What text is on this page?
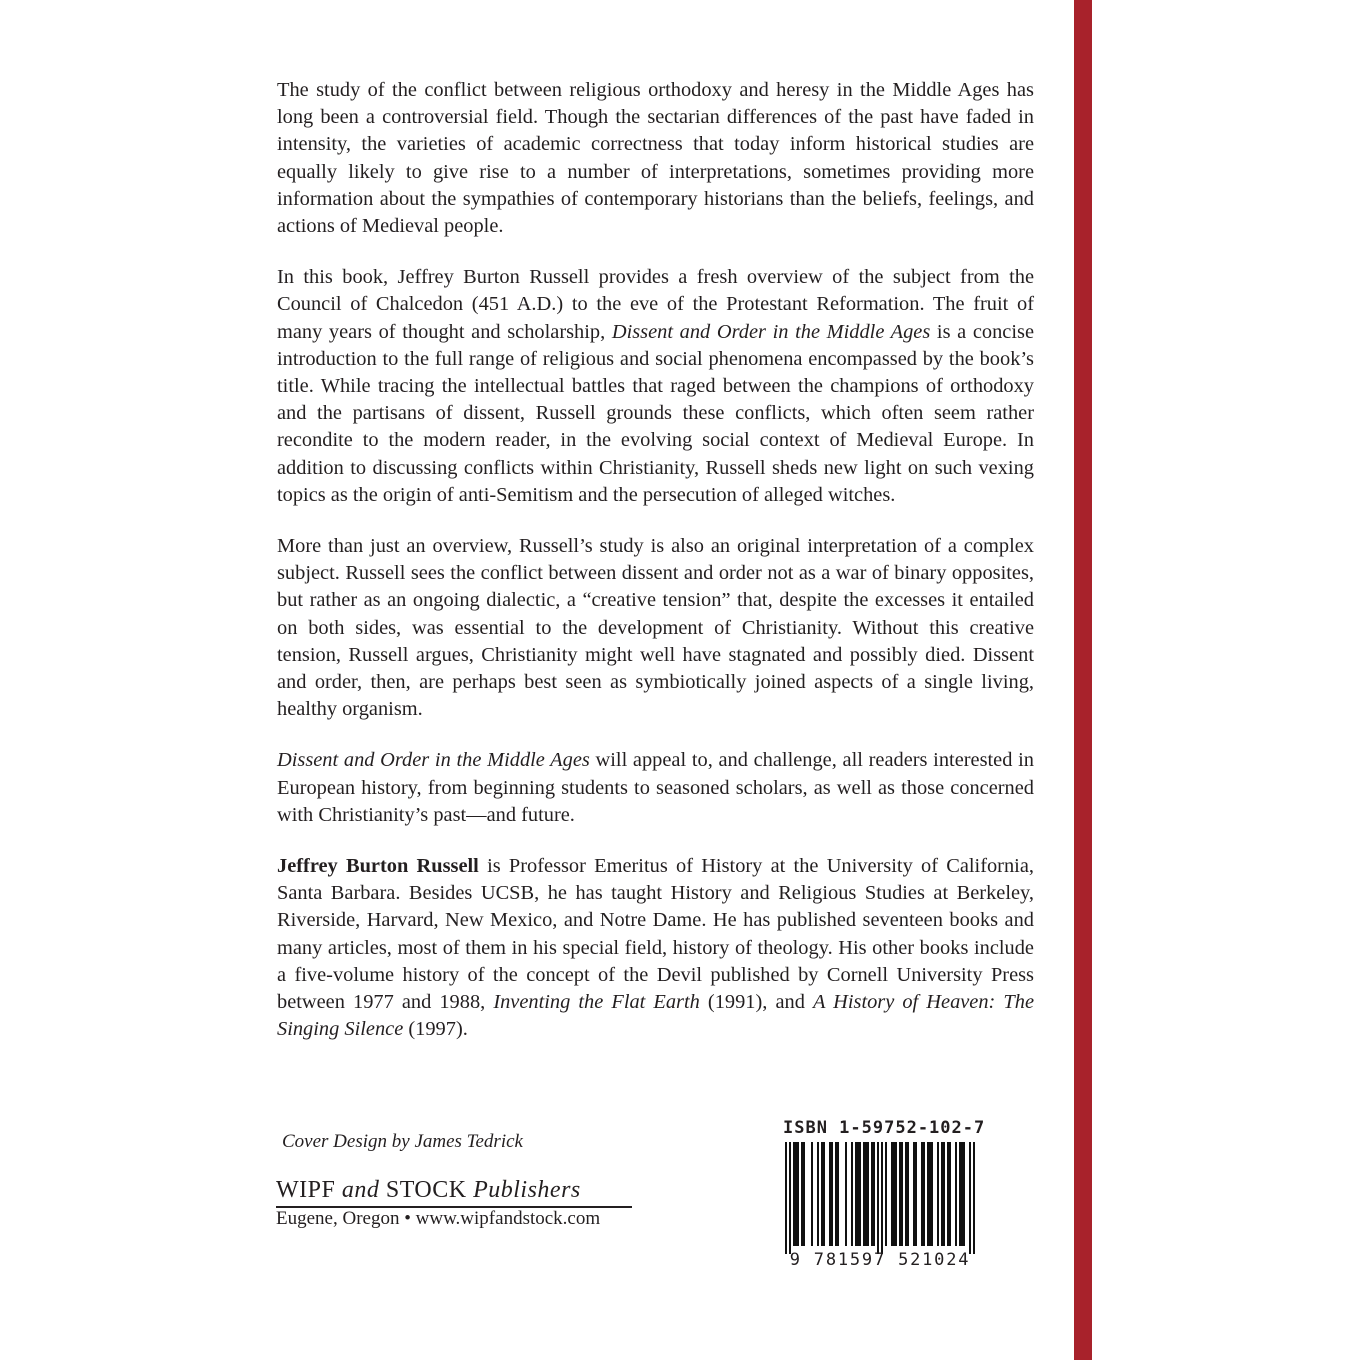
The study of the conflict between religious orthodoxy and heresy in the Middle Ages has long been a controversial field. Though the sectarian differences of the past have faded in intensity, the varieties of academic correctness that today inform historical studies are equally likely to give rise to a number of interpretations, sometimes providing more information about the sympathies of contemporary historians than the beliefs, feelings, and actions of Medieval people.

In this book, Jeffrey Burton Russell provides a fresh overview of the subject from the Council of Chalcedon (451 A.D.) to the eve of the Protestant Reformation. The fruit of many years of thought and scholarship, Dissent and Order in the Middle Ages is a concise introduction to the full range of religious and social phenomena encompassed by the book’s title. While tracing the intellectual battles that raged between the champions of orthodoxy and the partisans of dissent, Russell grounds these conflicts, which often seem rather recondite to the modern reader, in the evolving social context of Medieval Europe. In addition to discussing conflicts within Christianity, Russell sheds new light on such vexing topics as the origin of anti-Semitism and the persecution of alleged witches.

More than just an overview, Russell’s study is also an original interpretation of a complex subject. Russell sees the conflict between dissent and order not as a war of binary opposites, but rather as an ongoing dialectic, a “creative tension” that, despite the excesses it entailed on both sides, was essential to the development of Christianity. Without this creative tension, Russell argues, Christianity might well have stagnated and possibly died. Dissent and order, then, are perhaps best seen as symbiotically joined aspects of a single living, healthy organism.

Dissent and Order in the Middle Ages will appeal to, and challenge, all readers interested in European history, from beginning students to seasoned scholars, as well as those concerned with Christianity’s past—and future.

Jeffrey Burton Russell is Professor Emeritus of History at the University of California, Santa Barbara. Besides UCSB, he has taught History and Religious Studies at Berkeley, Riverside, Harvard, New Mexico, and Notre Dame. He has published seventeen books and many articles, most of them in his special field, history of theology. His other books include a five-volume history of the concept of the Devil published by Cornell University Press between 1977 and 1988, Inventing the Flat Earth (1991), and A History of Heaven: The Singing Silence (1997).

Cover Design by James Tedrick
WIPF and STOCK Publishers
Eugene, Oregon • www.wipfandstock.com
ISBN 1-59752-102-7
9 781597 521024
